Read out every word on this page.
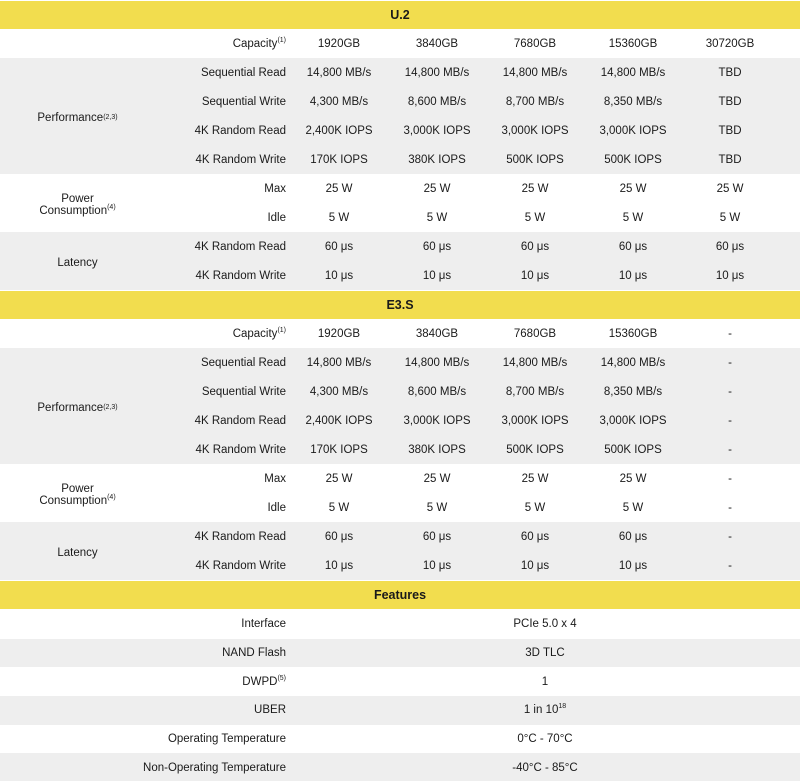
U.2
Capacity$^{(1)}$	1920GB	3840GB	7680GB	15360GB	30720GB
Performance (2,3)
Sequential Read	14,800 MB/s	14,800 MB/s	14,800 MB/s	14,800 MB/s	TBD
Sequential Write	4,300 MB/s	8,600 MB/s	8,700 MB/s	8,350 MB/s	TBD
4K Random Read	2,400K IOPS	3,000K IOPS	3,000K IOPS	3,000K IOPS	TBD
4K Random Write	170K IOPS	380K IOPS	500K IOPS	500K IOPS	TBD
Power
Consumption$^{(4)}$
Max	25 W	25 W	25 W	25 W	25 W
Idle	5 W	5 W	5 W	5 W	5 W
Latency
4K Random Read	60 μs	60 μs	60 μs	60 μs	60 μs
4K Random Write	10 μs	10 μs	10 μs	10 μs	10 μs
E3.S
Capacity$^{(1)}$	1920GB	3840GB	7680GB	15360GB	-
Performance (2,3)
Sequential Read	14,800 MB/s	14,800 MB/s	14,800 MB/s	14,800 MB/s	-
Sequential Write	4,300 MB/s	8,600 MB/s	8,700 MB/s	8,350 MB/s	-
4K Random Read	2,400K IOPS	3,000K IOPS	3,000K IOPS	3,000K IOPS	-
4K Random Write	170K IOPS	380K IOPS	500K IOPS	500K IOPS	-
Power
Consumption$^{(4)}$
Max	25 W	25 W	25 W	25 W	-
Idle	5 W	5 W	5 W	5 W	-
Latency
4K Random Read	60 μs	60 μs	60 μs	60 μs	-
4K Random Write	10 μs	10 μs	10 μs	10 μs	-
Features
Interface	PCIe 5.0 x 4
NAND Flash	3D TLC
DWPD$^{(5)}$	1
UBER	1 in $10^{18}$
Operating Temperature	0°C - 70°C
Non-Operating Temperature	-40°C - 85°C
